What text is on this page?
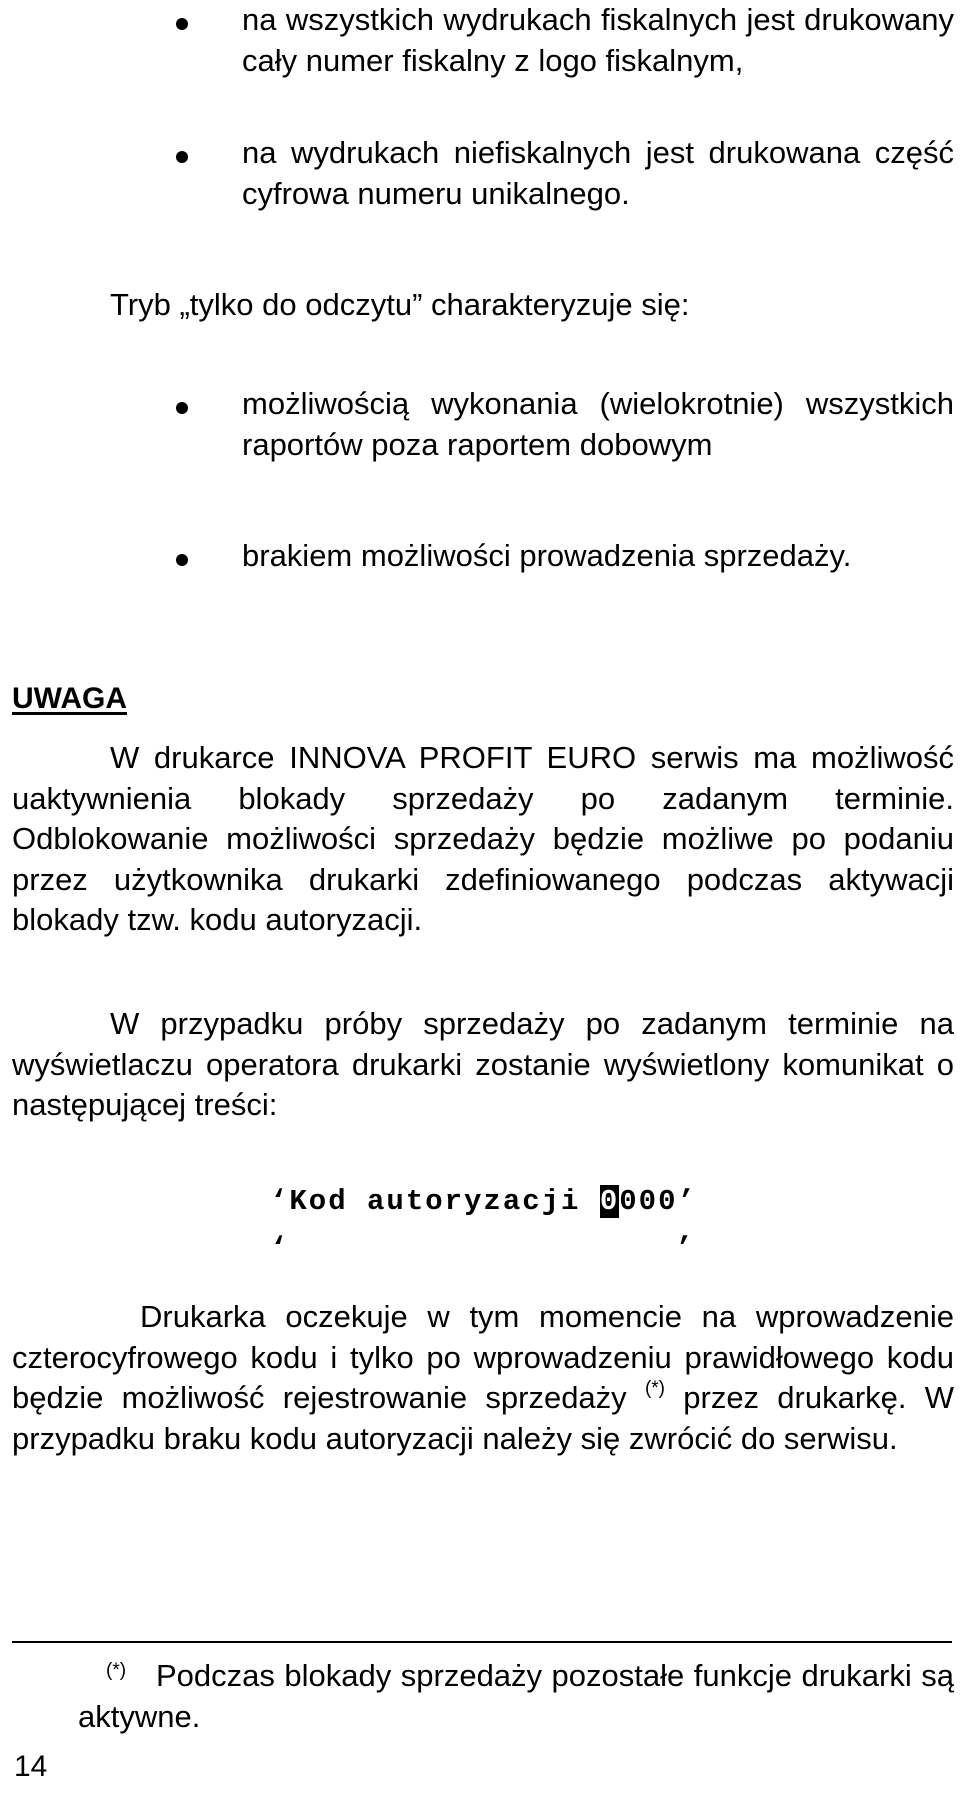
na wszystkich wydrukach fiskalnych jest drukowany cały numer fiskalny z logo fiskalnym,

na wydrukach niefiskalnych jest drukowana część cyfrowa numeru unikalnego.

Tryb „tylko do odczytu” charakteryzuje się:

możliwością wykonania (wielokrotnie) wszystkich raportów poza raportem dobowym

brakiem możliwości prowadzenia sprzedaży.

UWAGA

W drukarce INNOVA PROFIT EURO serwis ma możliwość uaktywnienia blokady sprzedaży po zadanym terminie. Odblokowanie możliwości sprzedaży będzie możliwe po podaniu przez użytkownika drukarki zdefiniowanego podczas aktywacji blokady tzw. kodu autoryzacji.

W przypadku próby sprzedaży po zadanym terminie na wyświetlaczu operatora drukarki zostanie wyświetlony komunikat o następującej treści:

‘Kod autoryzacji 0000’

‘	’

Drukarka oczekuje w tym momencie na wprowadzenie czterocyfrowego kodu i tylko po wprowadzeniu prawidłowego kodu będzie możliwość rejestrowanie sprzedaży (*) przez drukarkę. W przypadku braku kodu autoryzacji należy się zwrócić do serwisu.

(*) Podczas blokady sprzedaży pozostałe funkcje drukarki są aktywne.

14
